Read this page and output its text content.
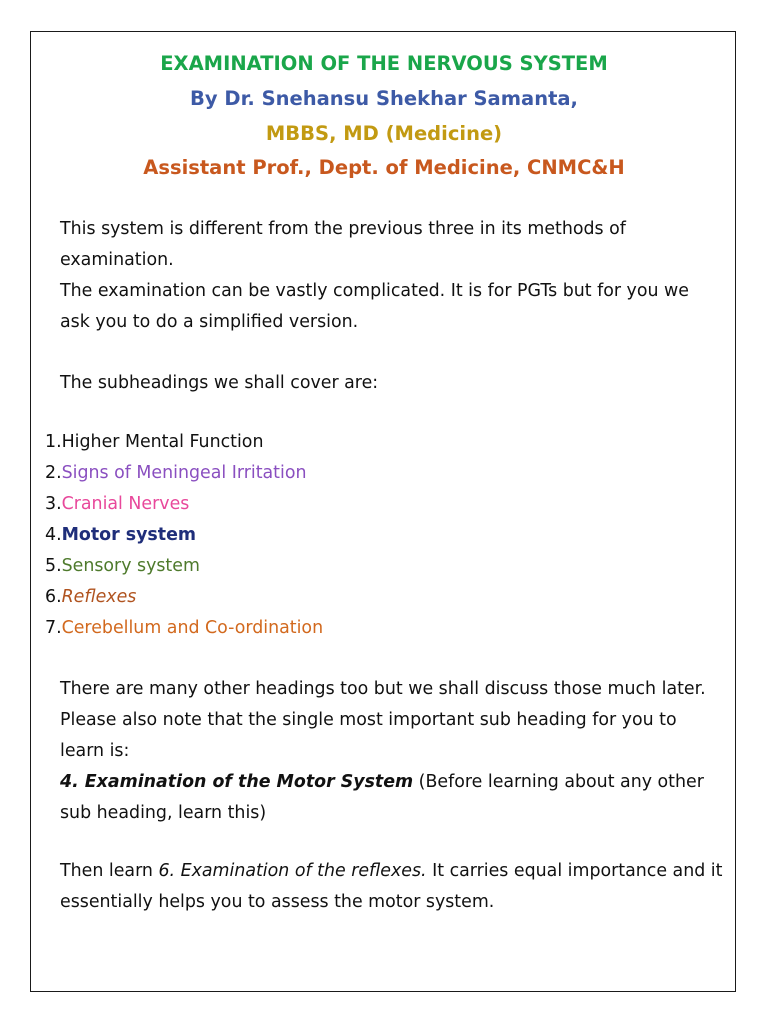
EXAMINATION OF THE NERVOUS SYSTEM
By Dr. Snehansu Shekhar Samanta,
MBBS, MD (Medicine)
Assistant Prof., Dept. of Medicine, CNMC&H
This system is different from the previous three in its methods of
examination.
The examination can be vastly complicated. It is for PGTs but for you we
ask you to do a simplified version.
The subheadings we shall cover are:
1.Higher Mental Function
2.Signs of Meningeal Irritation
3.Cranial Nerves
4.Motor system
5.Sensory system
6.Reflexes
7.Cerebellum and Co-ordination
There are many other headings too but we shall discuss those much later.
Please also note that the single most important sub heading for you to
learn is:
4. Examination of the Motor System (Before learning about any other
sub heading, learn this)
Then learn 6. Examination of the reflexes. It carries equal importance and it
essentially helps you to assess the motor system.
